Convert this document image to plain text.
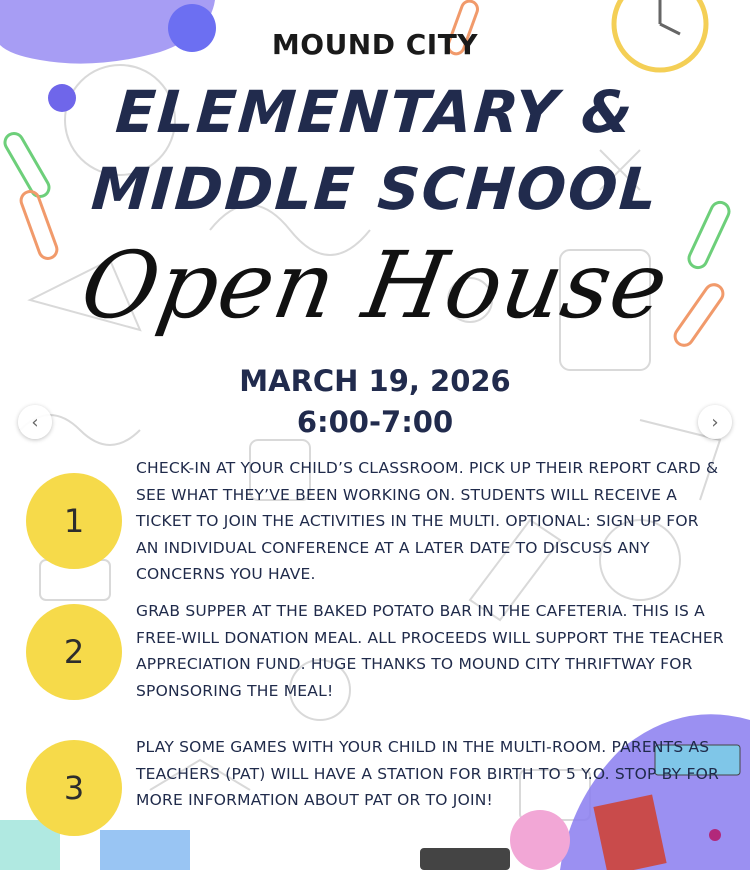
MOUND CITY
ELEMENTARY &
MIDDLE SCHOOL
Open House
MARCH 19, 2026
6:00-7:00
1
CHECK-IN AT YOUR CHILD’S CLASSROOM. PICK UP THEIR REPORT CARD & SEE WHAT THEY’VE BEEN WORKING ON. STUDENTS WILL RECEIVE A TICKET TO JOIN THE ACTIVITIES IN THE MULTI. OPTIONAL: SIGN UP FOR AN INDIVIDUAL CONFERENCE AT A LATER DATE TO DISCUSS ANY CONCERNS YOU HAVE.
2
GRAB SUPPER AT THE BAKED POTATO BAR IN THE CAFETERIA. THIS IS A FREE-WILL DONATION MEAL. ALL PROCEEDS WILL SUPPORT THE TEACHER APPRECIATION FUND. HUGE THANKS TO MOUND CITY THRIFTWAY FOR SPONSORING THE MEAL!
3
PLAY SOME GAMES WITH YOUR CHILD IN THE MULTI-ROOM. PARENTS AS TEACHERS (PAT) WILL HAVE A STATION FOR BIRTH TO 5 Y.O. STOP BY FOR MORE INFORMATION ABOUT PAT OR TO JOIN!
‹	›
